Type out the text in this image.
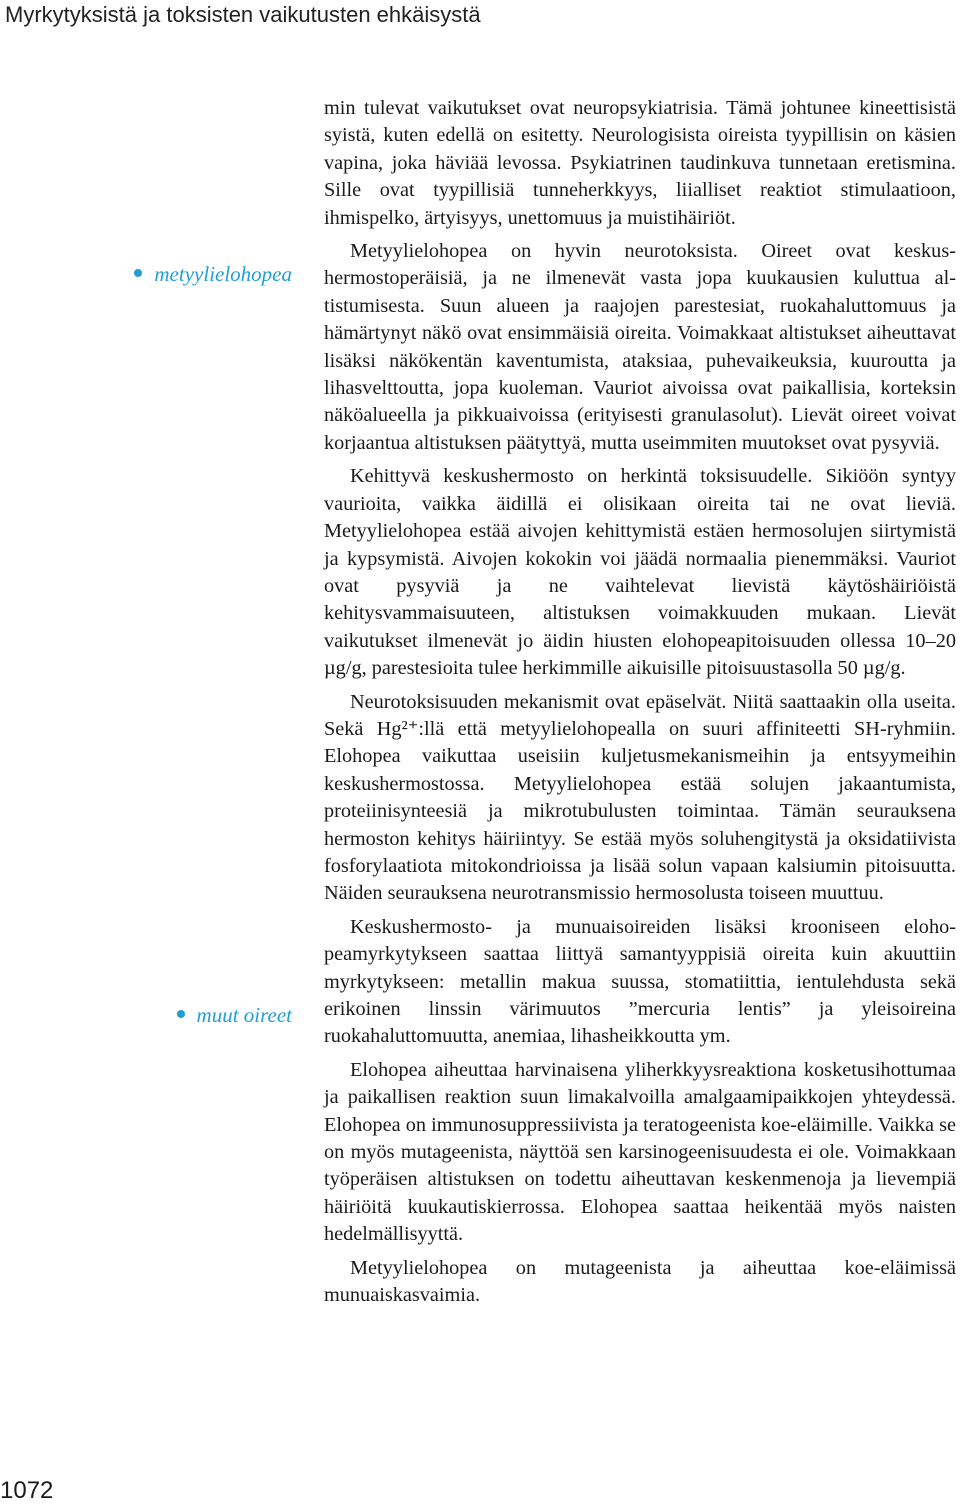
Myrkytyksistä ja toksisten vaikutusten ehkäisystä
metyylielohopea
muut oireet

min tulevat vaikutukset ovat neuropsykiatrisia. Tämä johtunee kineettisistä syistä, kuten edellä on esitetty. Neurologisista oireista tyypillisin on käsien vapina, joka häviää levossa. Psykiatrinen taudinkuva tunnetaan eretismina. Sille ovat tyypillisiä tunneherkkyys, liialliset reaktiot stimulaatioon, ihmispelko, ärtyisyys, unettomuus ja muistihäiriöt.

Metyylielohopea on hyvin neurotoksista. Oireet ovat keskushermostoperäisiä, ja ne ilmenevät vasta jopa kuukausien kuluttua altistumisesta. Suun alueen ja raajojen parestesiat, ruokahaluttomuus ja hämärtynyt näkö ovat ensimmäisiä oireita. Voimakkaat altistukset aiheuttavat lisäksi näkökentän kaventumista, ataksiaa, puhevaikeuksia, kuuroutta ja lihasvelttoutta, jopa kuoleman. Vauriot aivoissa ovat paikallisia, korteksin näköalueella ja pikkuaivoissa (erityisesti granulasolut). Lievät oireet voivat korjaantua altistuksen päätyttyä, mutta useimmiten muutokset ovat pysyviä.

Kehittyvä keskushermosto on herkintä toksisuudelle. Sikiöön syntyy vaurioita, vaikka äidillä ei olisikaan oireita tai ne ovat lieviä. Metyylielohopea estää aivojen kehittymistä estäen hermosolujen siirtymistä ja kypsymistä. Aivojen kokokin voi jäädä normaalia pienemmäksi. Vauriot ovat pysyviä ja ne vaihtelevat lievistä käytöshäiriöistä kehitysvammaisuuteen, altistuksen voimakkuuden mukaan. Lievät vaikutukset ilmenevät jo äidin hiusten elohopeapitoisuuden ollessa 10–20 µg/g, parestesioita tulee herkimmille aikuisille pitoisuustasolla 50 µg/g.

Neurotoksisuuden mekanismit ovat epäselvät. Niitä saattaakin olla useita. Sekä Hg²⁺:llä että metyylielohopealla on suuri affiniteetti SH-ryhmiin. Elohopea vaikuttaa useisiin kuljetusmekanismeihin ja entsyymeihin keskushermostossa. Metyylielohopea estää solujen jakaantumista, proteiinisynteesiä ja mikrotubulusten toimintaa. Tämän seurauksena hermoston kehitys häiriintyy. Se estää myös soluhengitystä ja oksidatiivista fosforylaatiota mitokondrioissa ja lisää solun vapaan kalsiumin pitoisuutta. Näiden seurauksena neurotransmissio hermosolusta toiseen muuttuu.

Keskushermosto- ja munuaisoireiden lisäksi krooniseen elohopeamyrkytykseen saattaa liittyä samantyyppisiä oireita kuin akuuttiin myrkytykseen: metallin makua suussa, stomatiittia, ientulehdusta sekä erikoinen linssin värimuutos ”mercuria lentis” ja yleisoireina ruokahaluttomuutta, anemiaa, lihasheikkoutta ym.

Elohopea aiheuttaa harvinaisena yliherkkyysreaktiona kosketusihottumaa ja paikallisen reaktion suun limakalvoilla amalgaamipaikkojen yhteydessä. Elohopea on immunosuppressiivista ja teratogeenista koe-eläimille. Vaikka se on myös mutageenista, näyttöä sen karsinogeenisuudesta ei ole. Voimakkaan työperäisen altistuksen on todettu aiheuttavan keskenmenoja ja lievempiä häiriöitä kuukautiskierrossa. Elohopea saattaa heikentää myös naisten hedelmällisyyttä.

Metyylielohopea on mutageenista ja aiheuttaa koe-eläimissä munuaiskasvaimia.

1072
